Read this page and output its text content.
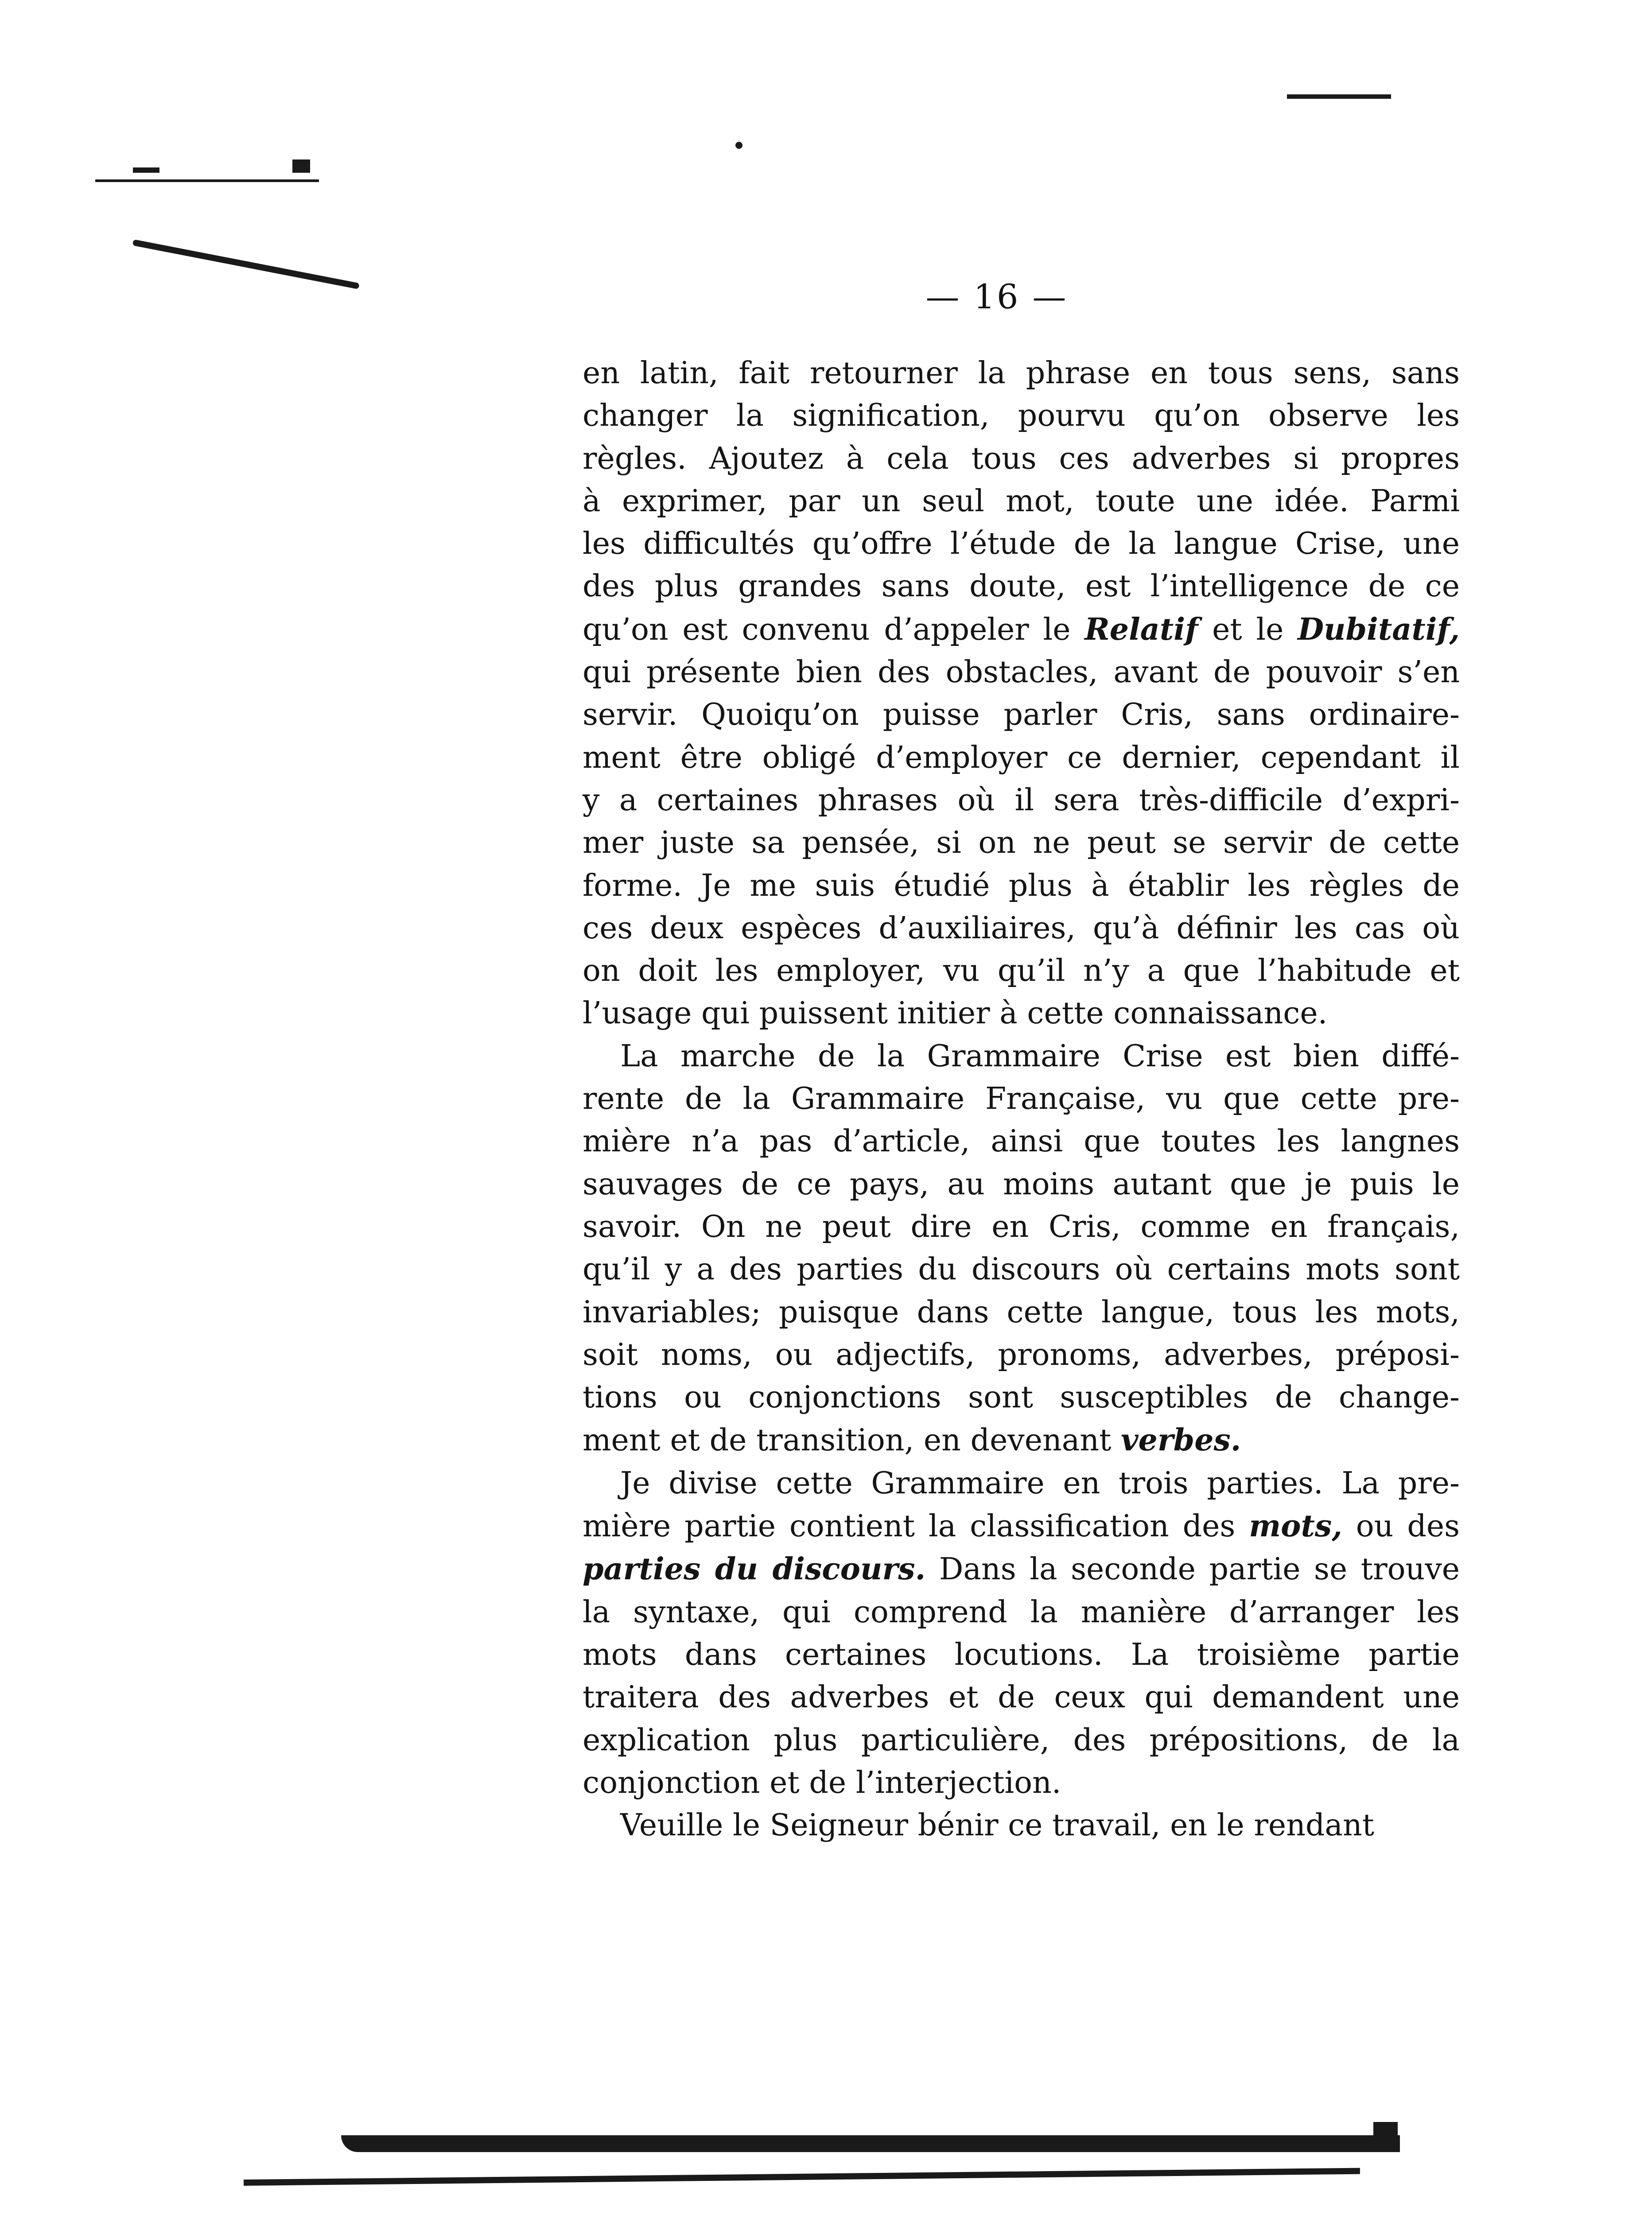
— 16 —
en latin, fait retourner la phrase en tous sens, sans
changer la signification, pourvu qu’on observe les
règles. Ajoutez à cela tous ces adverbes si propres
à exprimer, par un seul mot, toute une idée. Parmi
les difficultés qu’offre l’étude de la langue Crise, une
des plus grandes sans doute, est l’intelligence de ce
qu’on est convenu d’appeler le Relatif et le Dubitatif,
qui présente bien des obstacles, avant de pouvoir s’en
servir. Quoiqu’on puisse parler Cris, sans ordinaire-
ment être obligé d’employer ce dernier, cependant il
y a certaines phrases où il sera très-difficile d’expri-
mer juste sa pensée, si on ne peut se servir de cette
forme. Je me suis étudié plus à établir les règles de
ces deux espèces d’auxiliaires, qu’à définir les cas où
on doit les employer, vu qu’il n’y a que l’habitude et
l’usage qui puissent initier à cette connaissance.
La marche de la Grammaire Crise est bien diffé-
rente de la Grammaire Française, vu que cette pre-
mière n’a pas d’article, ainsi que toutes les langnes
sauvages de ce pays, au moins autant que je puis le
savoir. On ne peut dire en Cris, comme en français,
qu’il y a des parties du discours où certains mots sont
invariables; puisque dans cette langue, tous les mots,
soit noms, ou adjectifs, pronoms, adverbes, préposi-
tions ou conjonctions sont susceptibles de change-
ment et de transition, en devenant verbes.
Je divise cette Grammaire en trois parties. La pre-
mière partie contient la classification des mots, ou des
parties du discours. Dans la seconde partie se trouve
la syntaxe, qui comprend la manière d’arranger les
mots dans certaines locutions. La troisième partie
traitera des adverbes et de ceux qui demandent une
explication plus particulière, des prépositions, de la
conjonction et de l’interjection.
Veuille le Seigneur bénir ce travail, en le rendant
